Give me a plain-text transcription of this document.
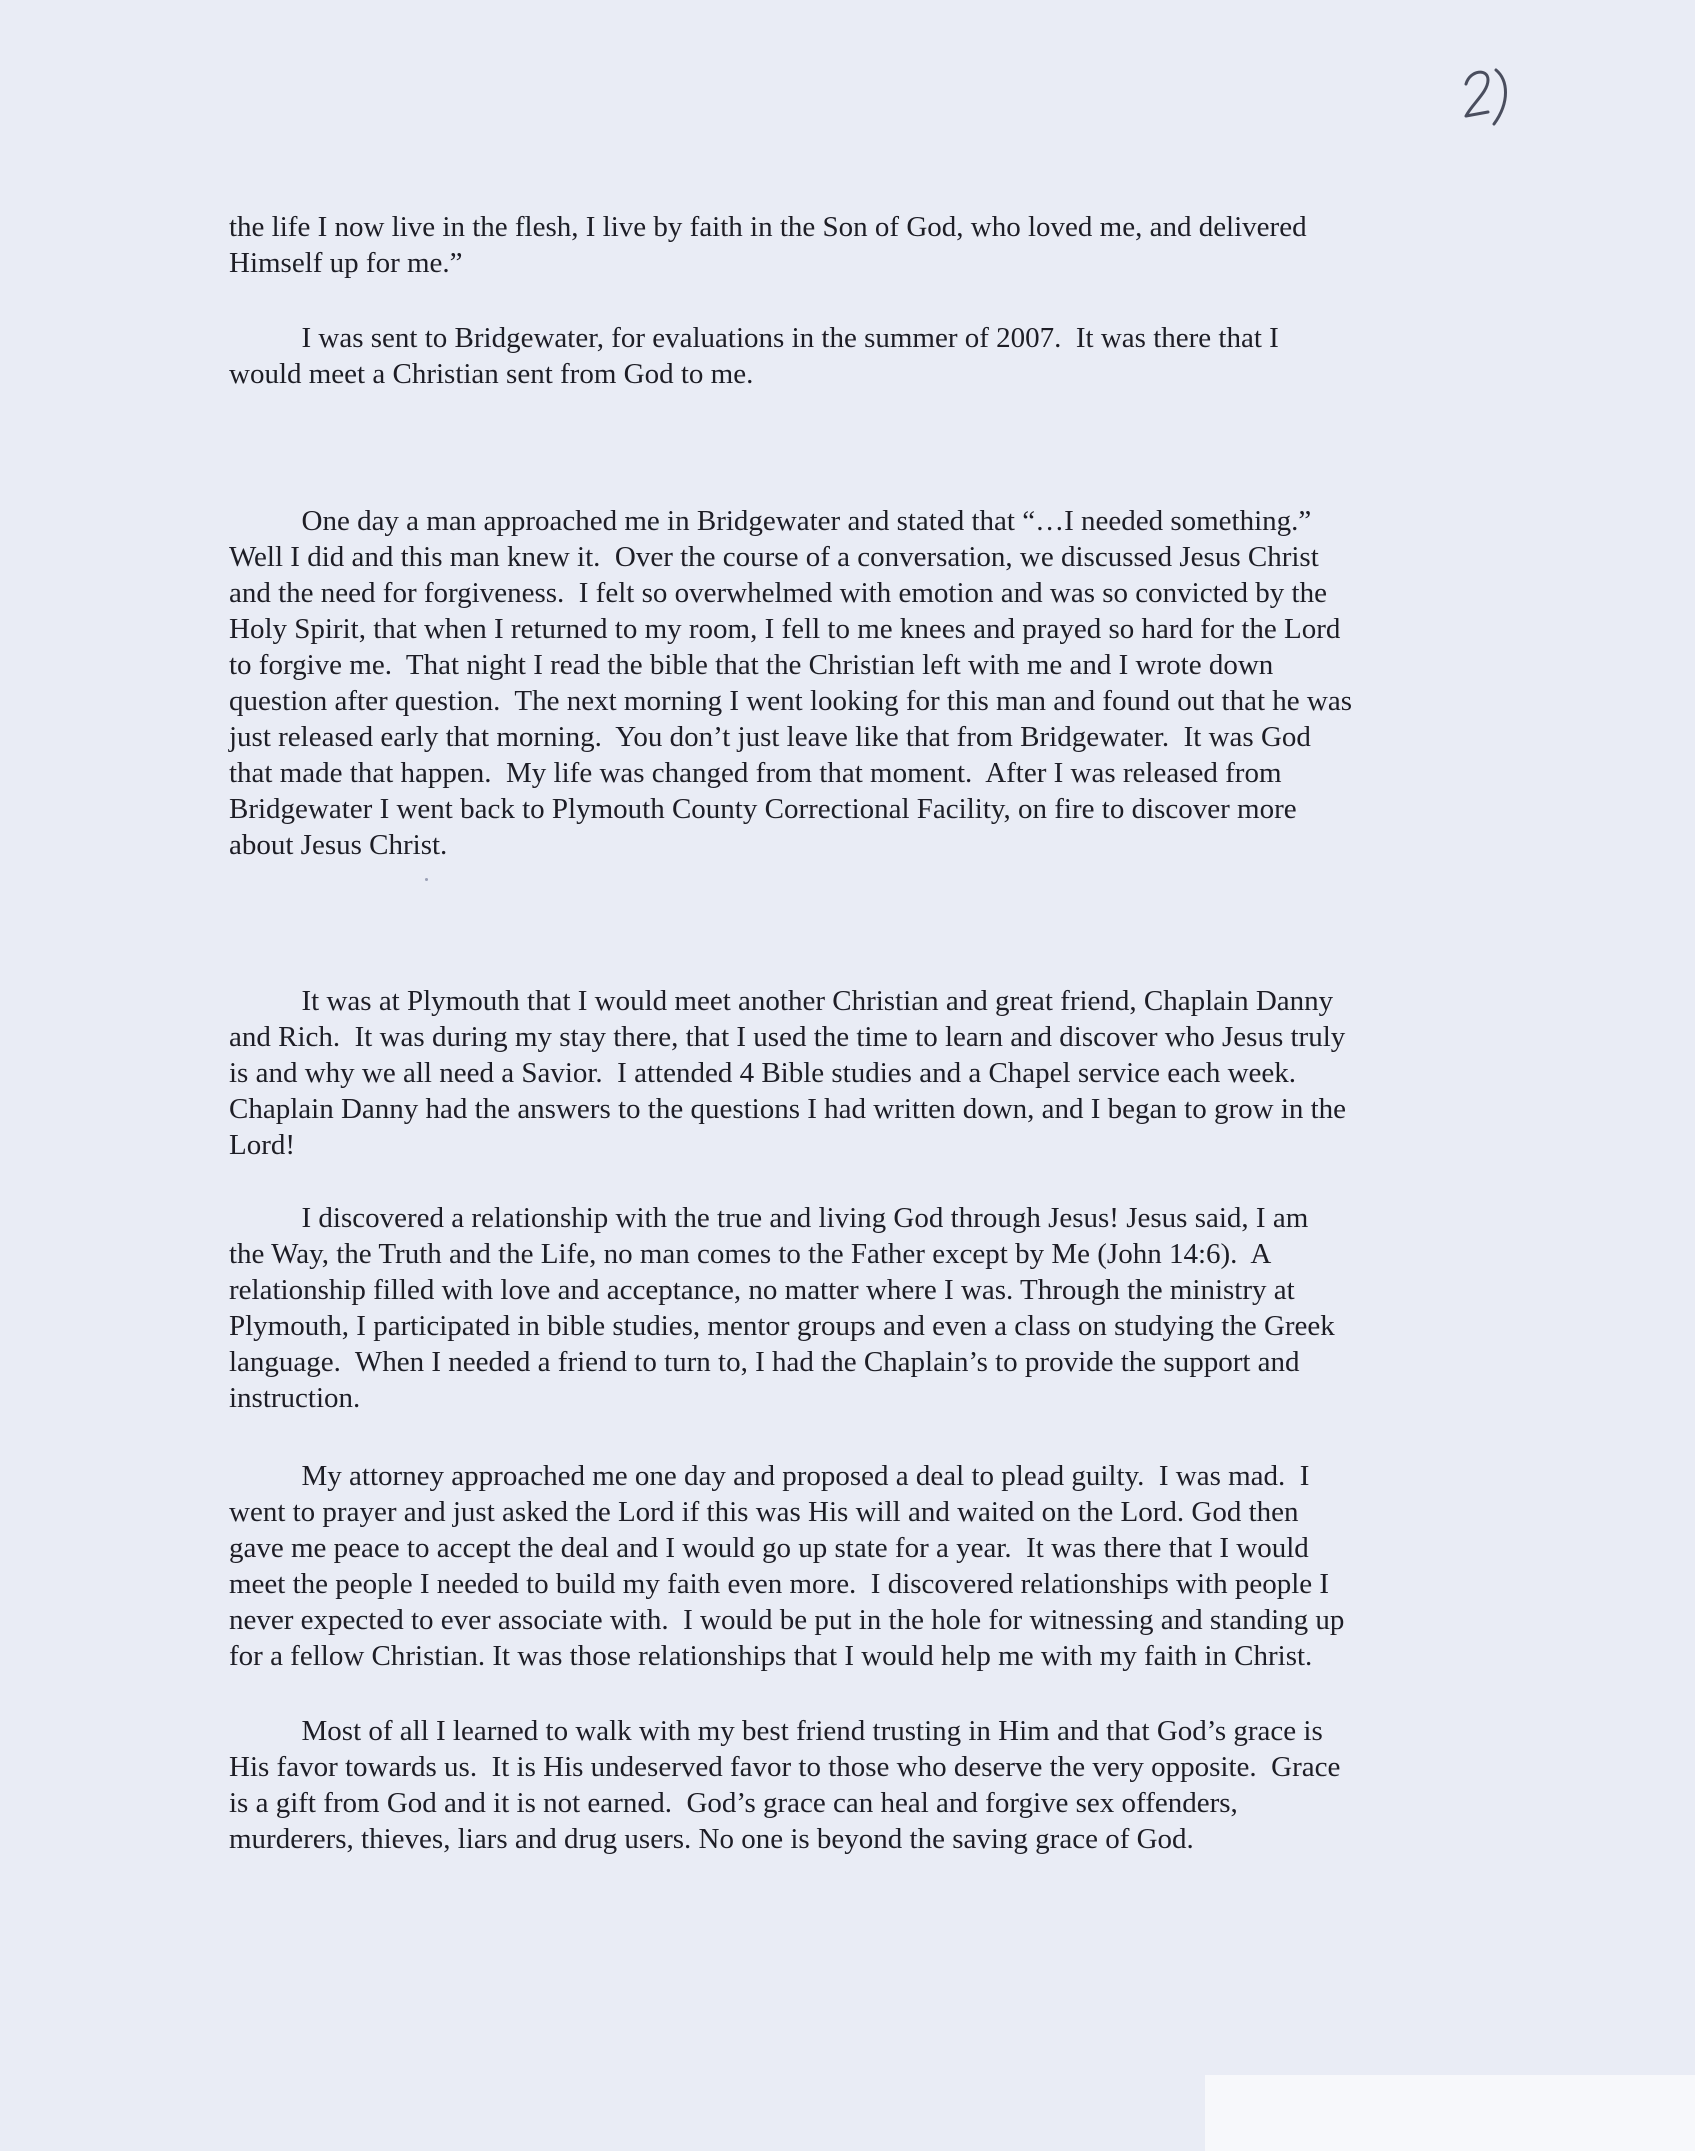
the life I now live in the flesh, I live by faith in the Son of God, who loved me, and delivered
Himself up for me.”
I was sent to Bridgewater, for evaluations in the summer of 2007.  It was there that I
would meet a Christian sent from God to me.
One day a man approached me in Bridgewater and stated that “…I needed something.”
Well I did and this man knew it.  Over the course of a conversation, we discussed Jesus Christ
and the need for forgiveness.  I felt so overwhelmed with emotion and was so convicted by the
Holy Spirit, that when I returned to my room, I fell to me knees and prayed so hard for the Lord
to forgive me.  That night I read the bible that the Christian left with me and I wrote down
question after question.  The next morning I went looking for this man and found out that he was
just released early that morning.  You don’t just leave like that from Bridgewater.  It was God
that made that happen.  My life was changed from that moment.  After I was released from
Bridgewater I went back to Plymouth County Correctional Facility, on fire to discover more
about Jesus Christ.
It was at Plymouth that I would meet another Christian and great friend, Chaplain Danny
and Rich.  It was during my stay there, that I used the time to learn and discover who Jesus truly
is and why we all need a Savior.  I attended 4 Bible studies and a Chapel service each week.
Chaplain Danny had the answers to the questions I had written down, and I began to grow in the
Lord!
I discovered a relationship with the true and living God through Jesus! Jesus said, I am
the Way, the Truth and the Life, no man comes to the Father except by Me (John 14:6).  A
relationship filled with love and acceptance, no matter where I was. Through the ministry at
Plymouth, I participated in bible studies, mentor groups and even a class on studying the Greek
language.  When I needed a friend to turn to, I had the Chaplain’s to provide the support and
instruction.
My attorney approached me one day and proposed a deal to plead guilty.  I was mad.  I
went to prayer and just asked the Lord if this was His will and waited on the Lord. God then
gave me peace to accept the deal and I would go up state for a year.  It was there that I would
meet the people I needed to build my faith even more.  I discovered relationships with people I
never expected to ever associate with.  I would be put in the hole for witnessing and standing up
for a fellow Christian. It was those relationships that I would help me with my faith in Christ.
Most of all I learned to walk with my best friend trusting in Him and that God’s grace is
His favor towards us.  It is His undeserved favor to those who deserve the very opposite.  Grace
is a gift from God and it is not earned.  God’s grace can heal and forgive sex offenders,
murderers, thieves, liars and drug users. No one is beyond the saving grace of God.
